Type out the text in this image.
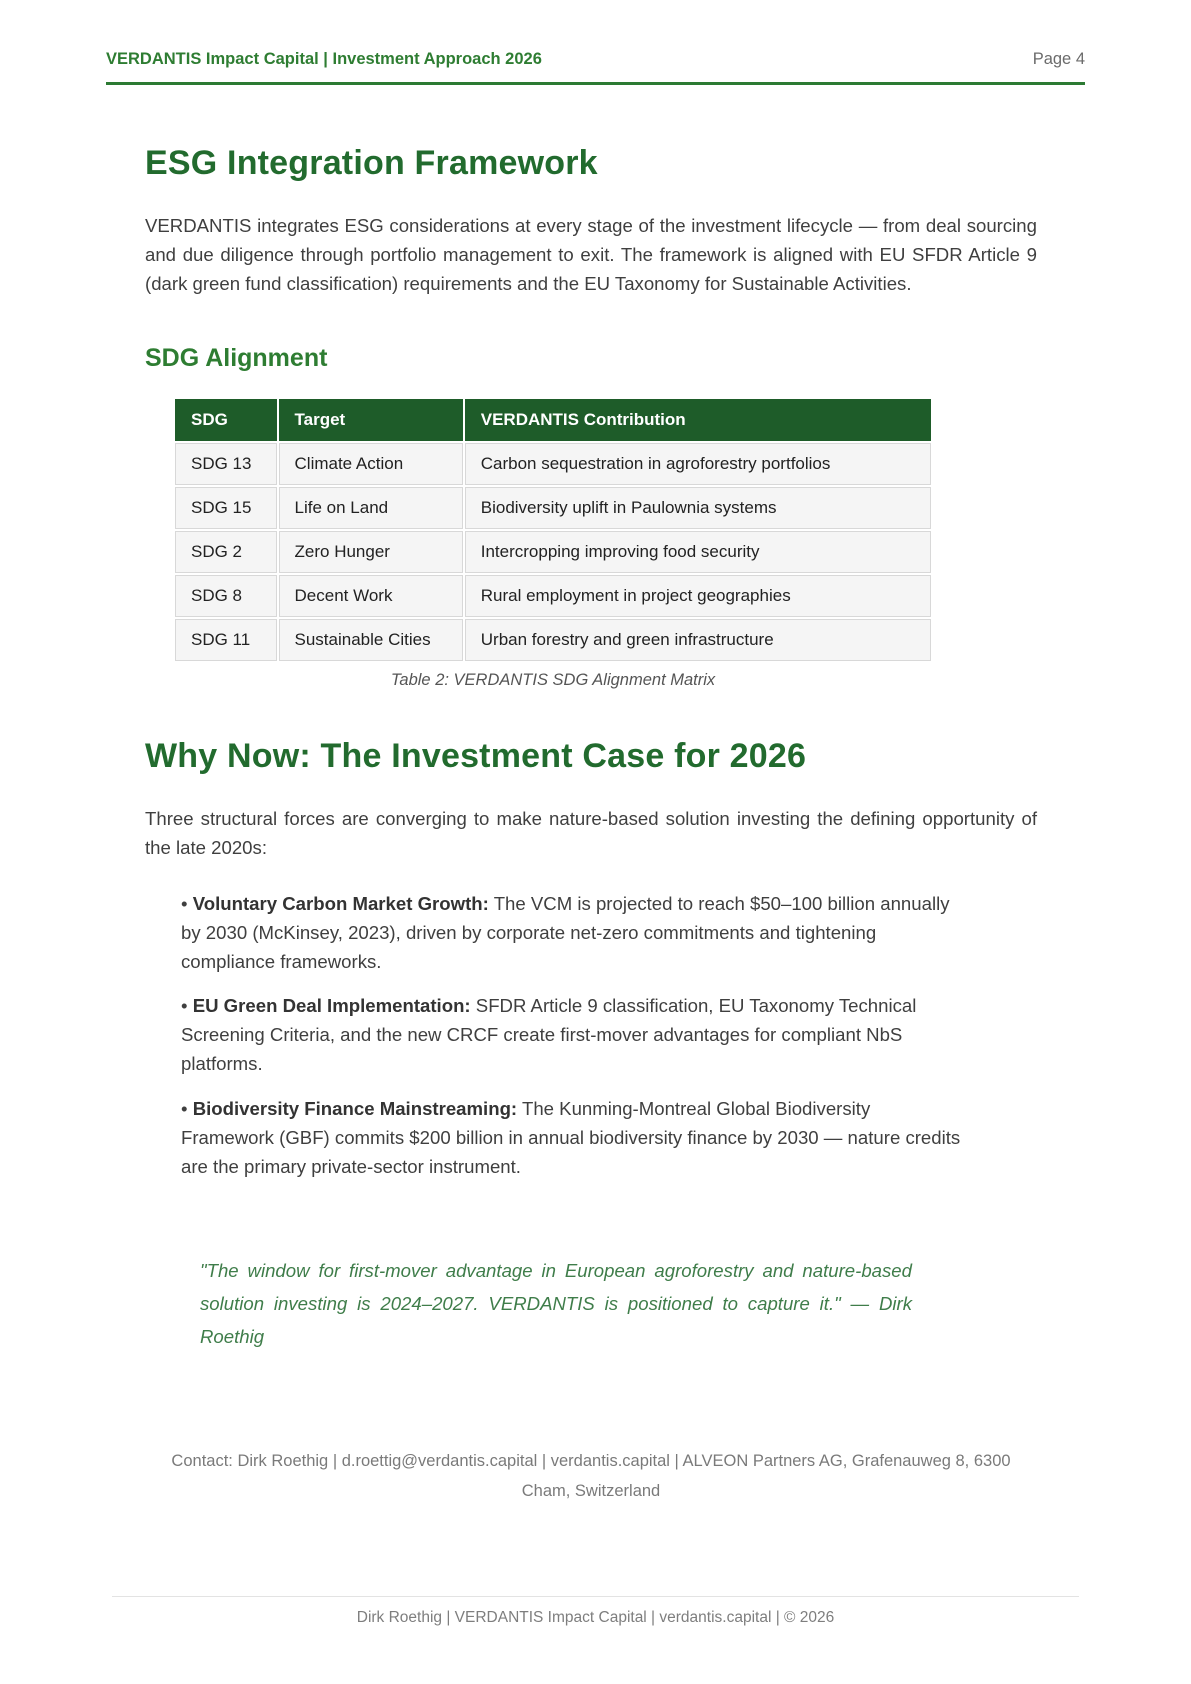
VERDANTIS Impact Capital | Investment Approach 2026	Page 4
ESG Integration Framework

VERDANTIS integrates ESG considerations at every stage of the investment lifecycle — from deal sourcing and due diligence through portfolio management to exit. The framework is aligned with EU SFDR Article 9 (dark green fund classification) requirements and the EU Taxonomy for Sustainable Activities.

SDG Alignment
SDG	Target	VERDANTIS Contribution
SDG 13	Climate Action	Carbon sequestration in agroforestry portfolios
SDG 15	Life on Land	Biodiversity uplift in Paulownia systems
SDG 2	Zero Hunger	Intercropping improving food security
SDG 8	Decent Work	Rural employment in project geographies
SDG 11	Sustainable Cities	Urban forestry and green infrastructure
Table 2: VERDANTIS SDG Alignment Matrix
Why Now: The Investment Case for 2026

Three structural forces are converging to make nature-based solution investing the defining opportunity of the late 2020s:

• Voluntary Carbon Market Growth: The VCM is projected to reach $50–100 billion annually by 2030 (McKinsey, 2023), driven by corporate net-zero commitments and tightening compliance frameworks.

• EU Green Deal Implementation: SFDR Article 9 classification, EU Taxonomy Technical Screening Criteria, and the new CRCF create first-mover advantages for compliant NbS platforms.

• Biodiversity Finance Mainstreaming: The Kunming-Montreal Global Biodiversity Framework (GBF) commits $200 billion in annual biodiversity finance by 2030 — nature credits are the primary private-sector instrument.

"The window for first-mover advantage in European agroforestry and nature-based solution investing is 2024–2027. VERDANTIS is positioned to capture it." — Dirk Roethig
Contact: Dirk Roethig | d.roettig@verdantis.capital | verdantis.capital | ALVEON Partners AG, Grafenauweg 8, 6300 Cham, Switzerland
Dirk Roethig | VERDANTIS Impact Capital | verdantis.capital | © 2026
